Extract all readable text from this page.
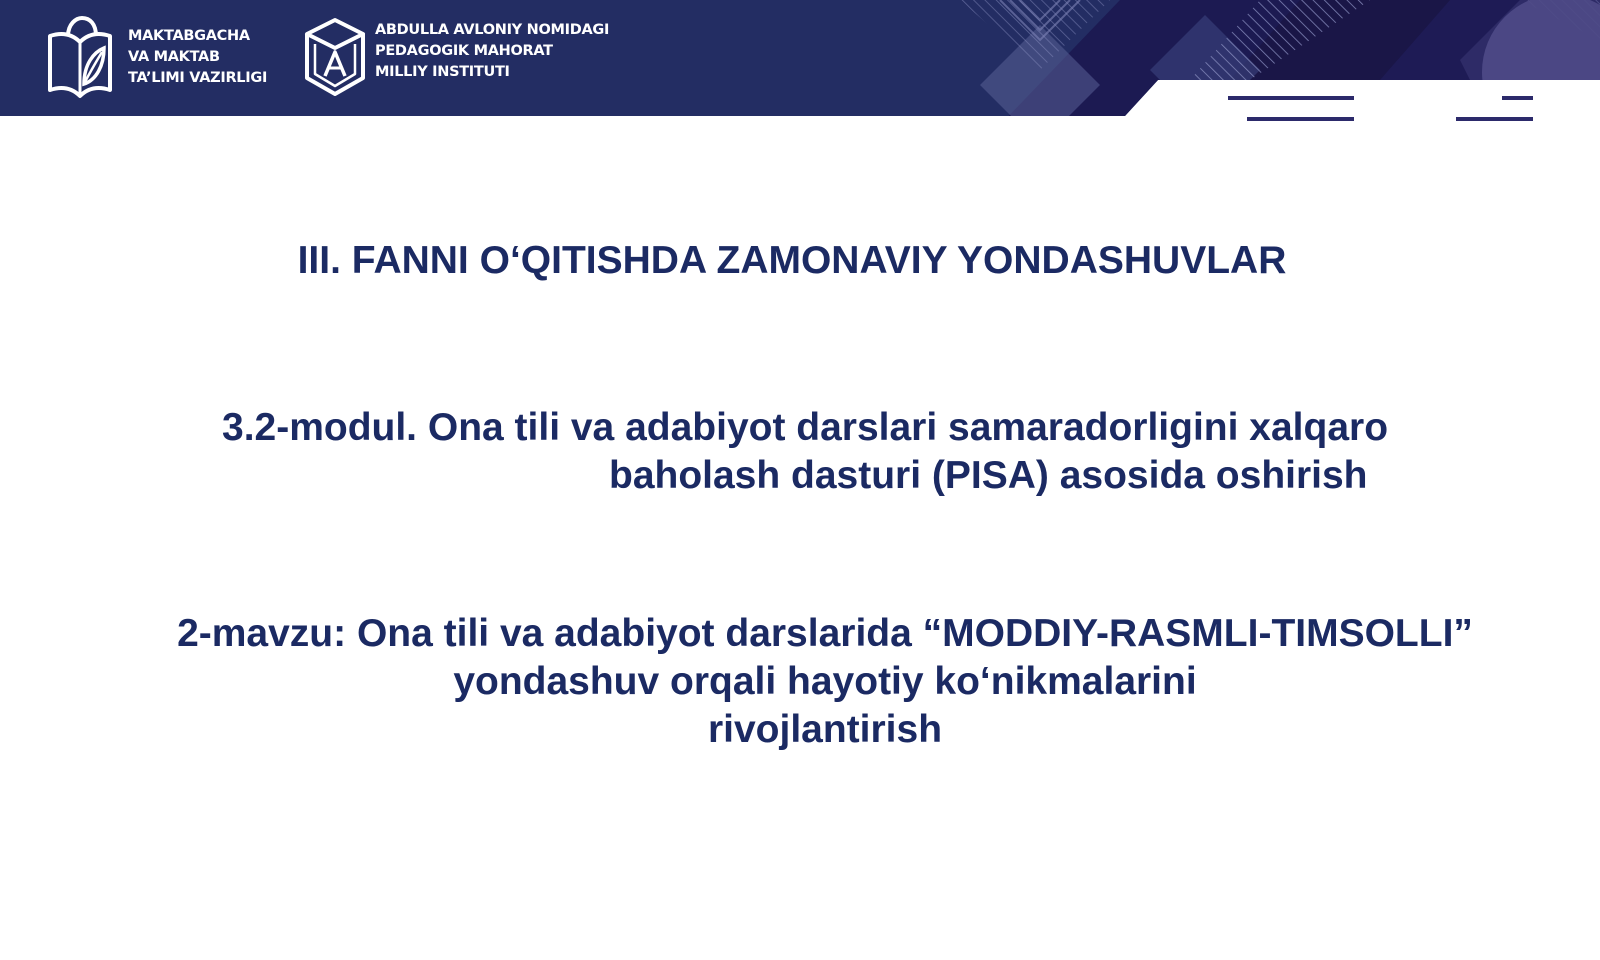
MAKTABGACHA
VA MAKTAB
TA’LIMI VAZIRLIGI
ABDULLA AVLONIY NOMIDAGI
PEDAGOGIK MAHORAT
MILLIY INSTITUTI
III. FANNI O‘QITISHDA ZAMONAVIY YONDASHUVLAR
3.2-modul. Ona tili va adabiyot darslari samaradorligini xalqaro
baholash dasturi (PISA) asosida oshirish
2-mavzu: Ona tili va adabiyot darslarida “MODDIY-RASMLI-TIMSOLLI”
yondashuv orqali hayotiy ko‘nikmalarini
rivojlantirish
